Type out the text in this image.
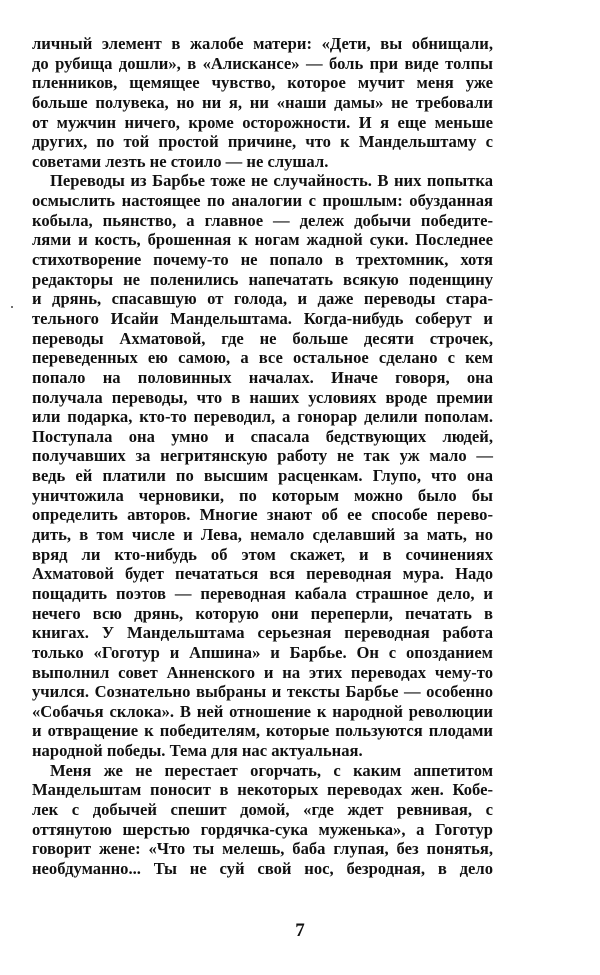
личный элемент в жалобе матери: «Дети, вы обнищали,
до рубища дошли», в «Алискансе» — боль при виде толпы
пленников, щемящее чувство, которое мучит меня уже
больше полувека, но ни я, ни «наши дамы» не требовали
от мужчин ничего, кроме осторожности. И я еще меньше
других, по той простой причине, что к Мандельштаму с
советами лезть не стоило — не слушал.
Переводы из Барбье тоже не случайность. В них попытка
осмыслить настоящее по аналогии с прошлым: обузданная
кобыла, пьянство, а главное — дележ добычи победите-
лями и кость, брошенная к ногам жадной суки. Последнее
стихотворение почему-то не попало в трехтомник, хотя
редакторы не поленились напечатать всякую поденщину
и дрянь, спасавшую от голода, и даже переводы стара-
тельного Исайи Мандельштама. Когда-нибудь соберут и
переводы Ахматовой, где не больше десяти строчек,
переведенных ею самою, а все остальное сделано с кем
попало на половинных началах. Иначе говоря, она
получала переводы, что в наших условиях вроде премии
или подарка, кто-то переводил, а гонорар делили пополам.
Поступала она умно и спасала бедствующих людей,
получавших за негритянскую работу не так уж мало —
ведь ей платили по высшим расценкам. Глупо, что она
уничтожила черновики, по которым можно было бы
определить авторов. Многие знают об ее способе перево-
дить, в том числе и Лева, немало сделавший за мать, но
вряд ли кто-нибудь об этом скажет, и в сочинениях
Ахматовой будет печататься вся переводная мура. Надо
пощадить поэтов — переводная кабала страшное дело, и
нечего всю дрянь, которую они переперли, печатать в
книгах. У Мандельштама серьезная переводная работа
только «Гоготур и Апшина» и Барбье. Он с опозданием
выполнил совет Анненского и на этих переводах чему-то
учился. Сознательно выбраны и тексты Барбье — особенно
«Собачья склока». В ней отношение к народной революции
и отвращение к победителям, которые пользуются плодами
народной победы. Тема для нас актуальная.
Меня же не перестает огорчать, с каким аппетитом
Мандельштам поносит в некоторых переводах жен. Кобе-
лек с добычей спешит домой, «где ждет ревнивая, с
оттянутою шерстью гордячка-сука муженька», а Гоготур
говорит жене: «Что ты мелешь, баба глупая, без понятья,
необдуманно... Ты не суй свой нос, безродная, в дело
7
